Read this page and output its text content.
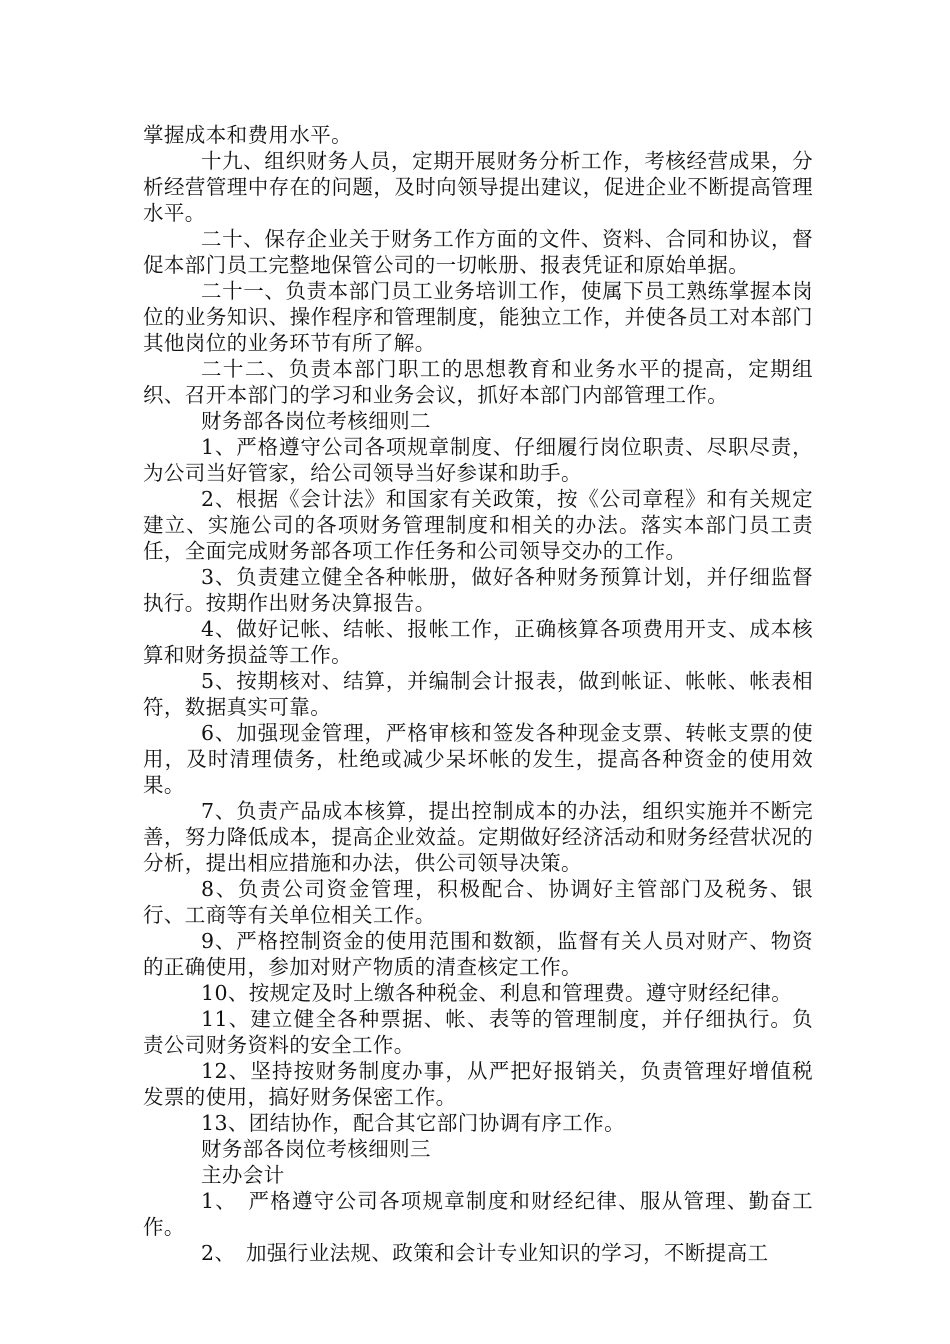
掌握成本和费用水平。

十九、组织财务人员，定期开展财务分析工作，考核经营成果，分析经营管理中存在的问题，及时向领导提出建议，促进企业不断提高管理水平。

二十、保存企业关于财务工作方面的文件、资料、合同和协议，督促本部门员工完整地保管公司的一切帐册、报表凭证和原始单据。

二十一、负责本部门员工业务培训工作，使属下员工熟练掌握本岗位的业务知识、操作程序和管理制度，能独立工作，并使各员工对本部门其他岗位的业务环节有所了解。

二十二、负责本部门职工的思想教育和业务水平的提高，定期组织、召开本部门的学习和业务会议，抓好本部门内部管理工作。

财务部各岗位考核细则二

1、严格遵守公司各项规章制度、仔细履行岗位职责、尽职尽责，为公司当好管家，给公司领导当好参谋和助手。

2、根据《会计法》和国家有关政策，按《公司章程》和有关规定建立、实施公司的各项财务管理制度和相关的办法。落实本部门员工责任，全面完成财务部各项工作任务和公司领导交办的工作。

3、负责建立健全各种帐册，做好各种财务预算计划，并仔细监督执行。按期作出财务决算报告。

4、做好记帐、结帐、报帐工作，正确核算各项费用开支、成本核算和财务损益等工作。

5、按期核对、结算，并编制会计报表，做到帐证、帐帐、帐表相符，数据真实可靠。

6、加强现金管理，严格审核和签发各种现金支票、转帐支票的使用，及时清理债务，杜绝或减少呆坏帐的发生，提高各种资金的使用效果。

7、负责产品成本核算，提出控制成本的办法，组织实施并不断完善，努力降低成本，提高企业效益。定期做好经济活动和财务经营状况的分析，提出相应措施和办法，供公司领导决策。

8、负责公司资金管理，积极配合、协调好主管部门及税务、银行、工商等有关单位相关工作。

9、严格控制资金的使用范围和数额，监督有关人员对财产、物资的正确使用，参加对财产物质的清查核定工作。

10、按规定及时上缴各种税金、利息和管理费。遵守财经纪律。

11、建立健全各种票据、帐、表等的管理制度，并仔细执行。负责公司财务资料的安全工作。

12、坚持按财务制度办事，从严把好报销关，负责管理好增值税发票的使用，搞好财务保密工作。

13、团结协作，配合其它部门协调有序工作。

财务部各岗位考核细则三

主办会计

1、　严格遵守公司各项规章制度和财经纪律、服从管理、勤奋工作。

2、　加强行业法规、政策和会计专业知识的学习，不断提高工
